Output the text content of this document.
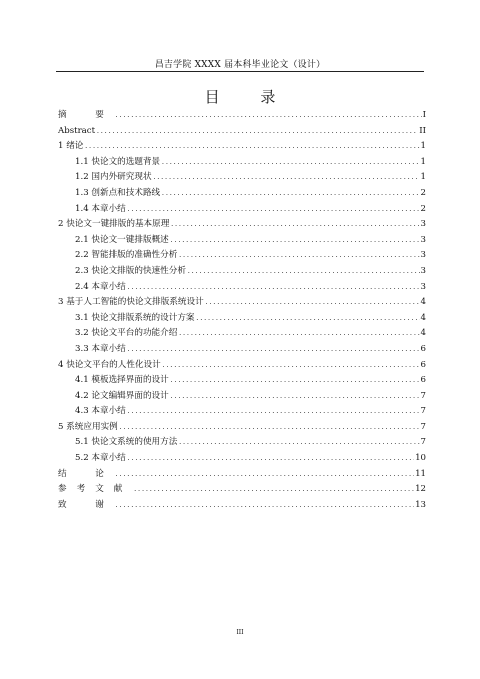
昌吉学院 XXXX 届本科毕业论文（设计）
目 录
摘　要 .....	I
Abstract .....	II
1 绪论 .....	1
1.1 快论文的选题背景 .....	1
1.2 国内外研究现状 .....	1
1.3 创新点和技术路线 .....	2
1.4 本章小结 .....	2
2 快论文一键排版的基本原理 .....	3
2.1 快论文一键排版概述 .....	3
2.2 智能排版的准确性分析 .....	3
2.3 快论文排版的快速性分析 .....	3
2.4 本章小结 .....	3
3 基于人工智能的快论文排版系统设计 .....	4
3.1 快论文排版系统的设计方案 .....	4
3.2 快论文平台的功能介绍 .....	4
3.3 本章小结 .....	6
4 快论文平台的人性化设计 .....	6
4.1 模板选择界面的设计 .....	6
4.2 论文编辑界面的设计 .....	7
4.3 本章小结 .....	7
5 系统应用实例 .....	7
5.1 快论文系统的使用方法 .....	7
5.2 本章小结 .....	10
结　论 .....	11
参考文献 .....	12
致　谢 .....	13
III
